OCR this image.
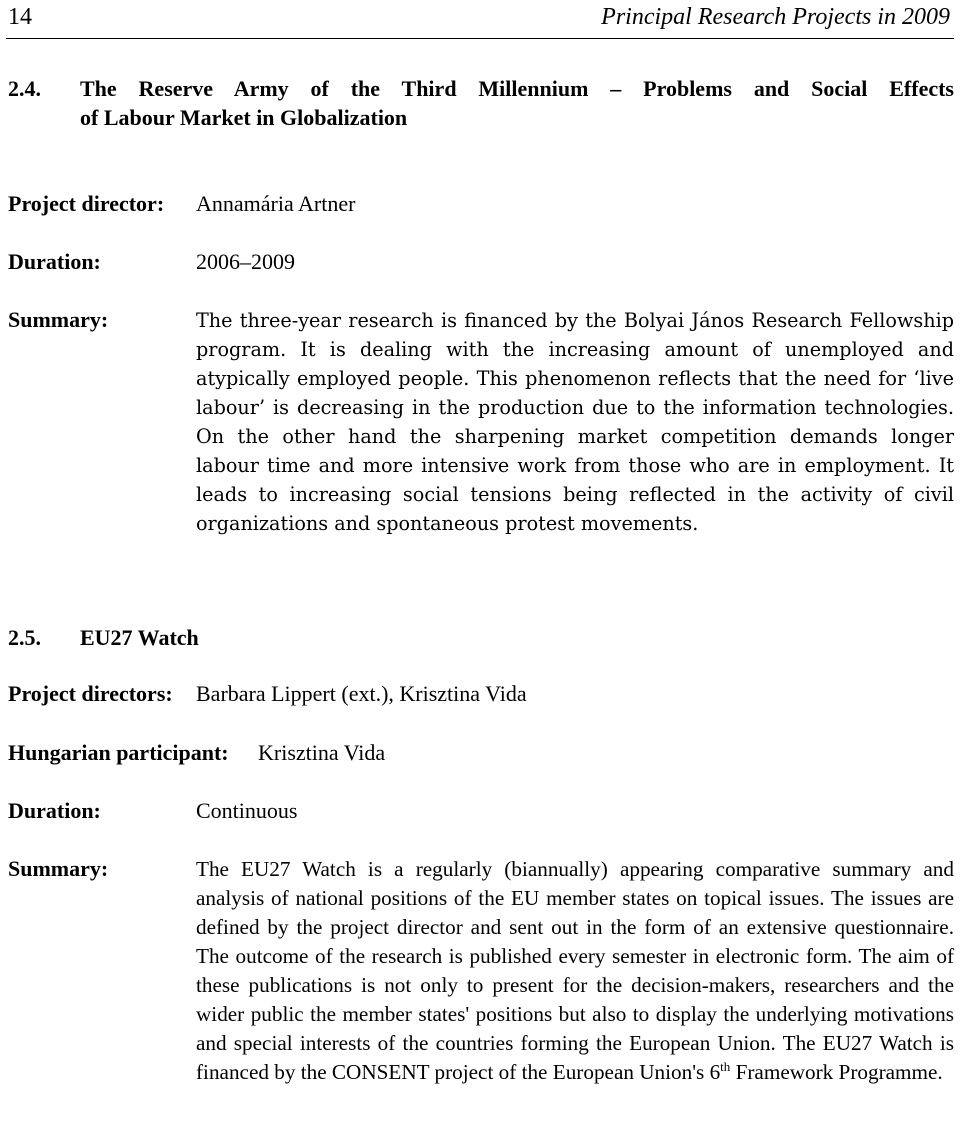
14	Principal Research Projects in 2009
2.4. The Reserve Army of the Third Millennium – Problems and Social Effects
of Labour Market in Globalization
Project director: Annamária Artner
Duration:	2006–2009
Summary:	The three-year research is financed by the Bolyai János Research Fellowship program. It is dealing with the increasing amount of unemployed and atypically employed people. This phenomenon reflects that the need for ‘live labour’ is decreasing in the production due to the information technologies. On the other hand the sharpening market competition demands longer labour time and more intensive work from those who are in employment. It leads to increasing social tensions being reflected in the activity of civil organizations and spontaneous protest movements.
2.5. EU27 Watch
Project directors: Barbara Lippert (ext.), Krisztina Vida
Hungarian participant: Krisztina Vida
Duration:	Continuous
Summary:	The EU27 Watch is a regularly (biannually) appearing comparative summary and analysis of national positions of the EU member states on topical issues. The issues are defined by the project director and sent out in the form of an extensive questionnaire. The outcome of the research is published every semester in electronic form. The aim of these publications is not only to present for the decision-makers, researchers and the wider public the member states' positions but also to display the underlying motivations and special interests of the countries forming the European Union. The EU27 Watch is financed by the CONSENT project of the European Union's 6th Framework Programme.
